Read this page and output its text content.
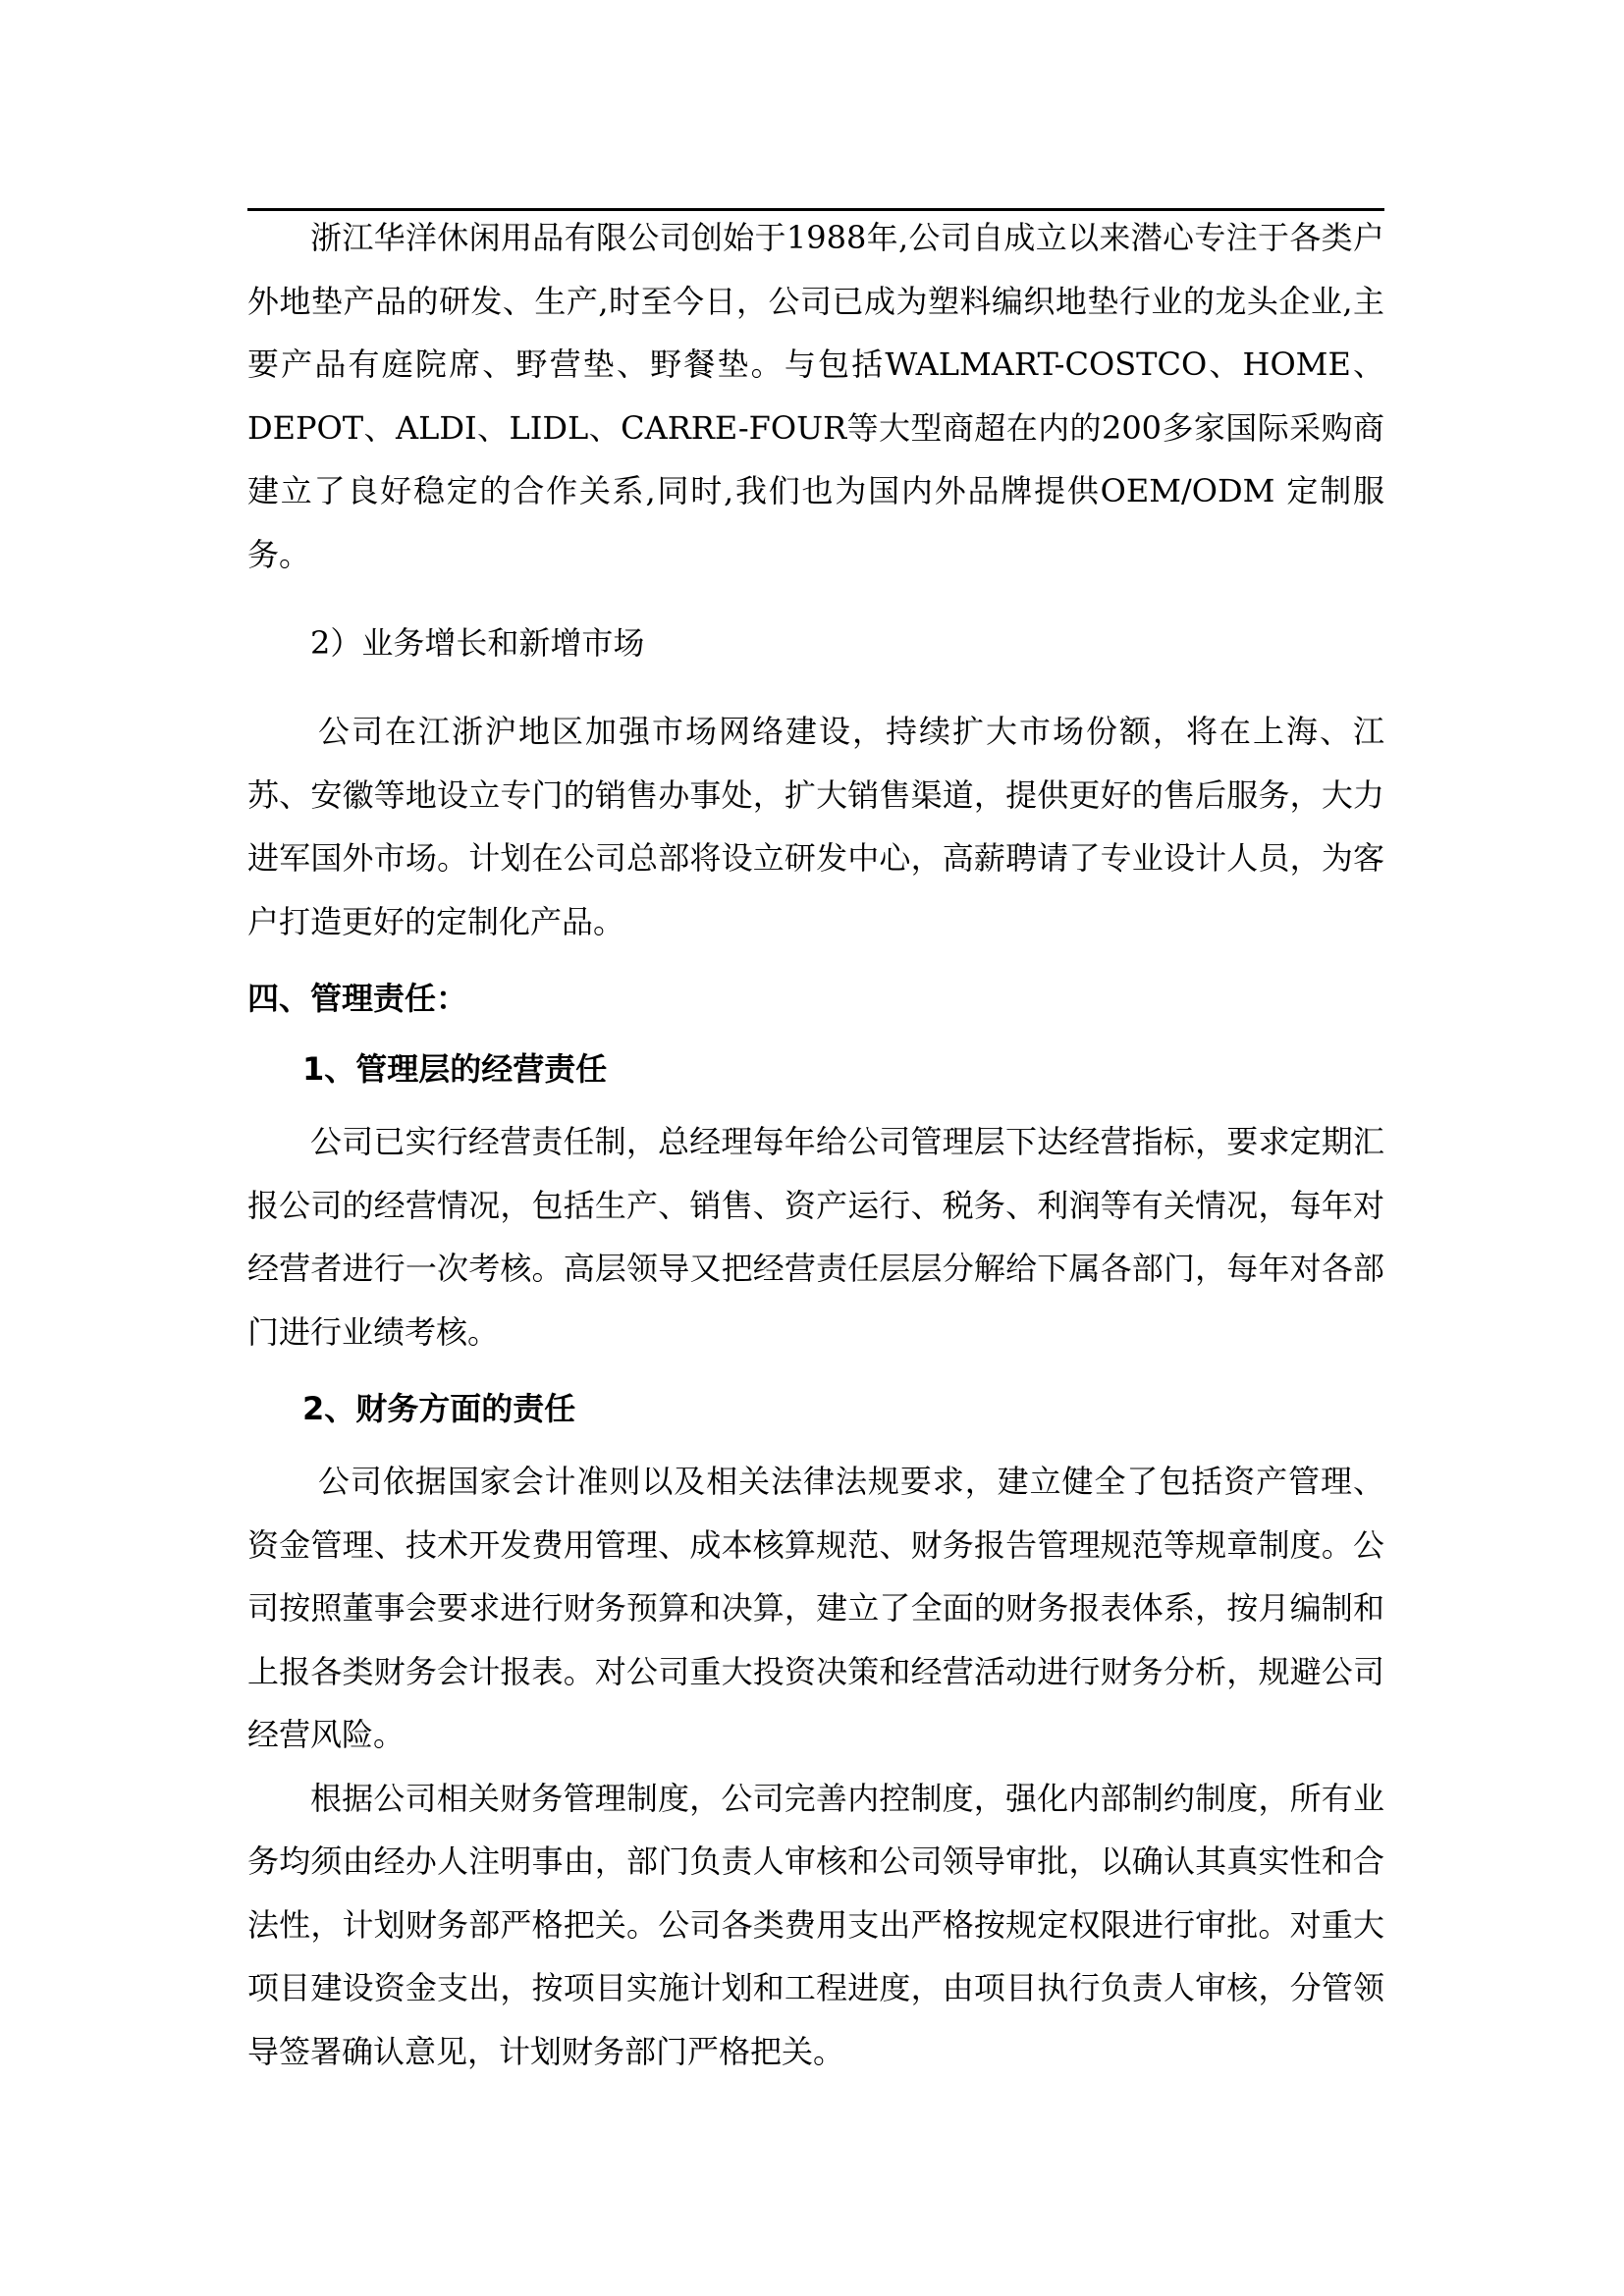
浙江华洋休闲用品有限公司创始于1988年,公司自成立以来潜心专注于各类户外地垫产品的研发、生产,时至今日，公司已成为塑料编织地垫行业的龙头企业,主要产品有庭院席、野营垫、野餐垫。与包括WALMART-COSTCO、HOME、DEPOT、ALDI、LIDL、CARRE-FOUR等大型商超在内的200多家国际采购商建立了良好稳定的合作关系,同时,我们也为国内外品牌提供OEM/ODM 定制服务。

2）业务增长和新增市场

公司在江浙沪地区加强市场网络建设，持续扩大市场份额，将在上海、江苏、安徽等地设立专门的销售办事处，扩大销售渠道，提供更好的售后服务，大力进军国外市场。计划在公司总部将设立研发中心，高薪聘请了专业设计人员，为客户打造更好的定制化产品。

四、管理责任：
1、管理层的经营责任

公司已实行经营责任制，总经理每年给公司管理层下达经营指标，要求定期汇报公司的经营情况，包括生产、销售、资产运行、税务、利润等有关情况，每年对经营者进行一次考核。高层领导又把经营责任层层分解给下属各部门，每年对各部门进行业绩考核。

2、财务方面的责任

公司依据国家会计准则以及相关法律法规要求，建立健全了包括资产管理、资金管理、技术开发费用管理、成本核算规范、财务报告管理规范等规章制度。公司按照董事会要求进行财务预算和决算，建立了全面的财务报表体系，按月编制和上报各类财务会计报表。对公司重大投资决策和经营活动进行财务分析，规避公司经营风险。

根据公司相关财务管理制度，公司完善内控制度，强化内部制约制度，所有业务均须由经办人注明事由，部门负责人审核和公司领导审批，以确认其真实性和合法性，计划财务部严格把关。公司各类费用支出严格按规定权限进行审批。对重大项目建设资金支出，按项目实施计划和工程进度，由项目执行负责人审核，分管领导签署确认意见，计划财务部门严格把关。
